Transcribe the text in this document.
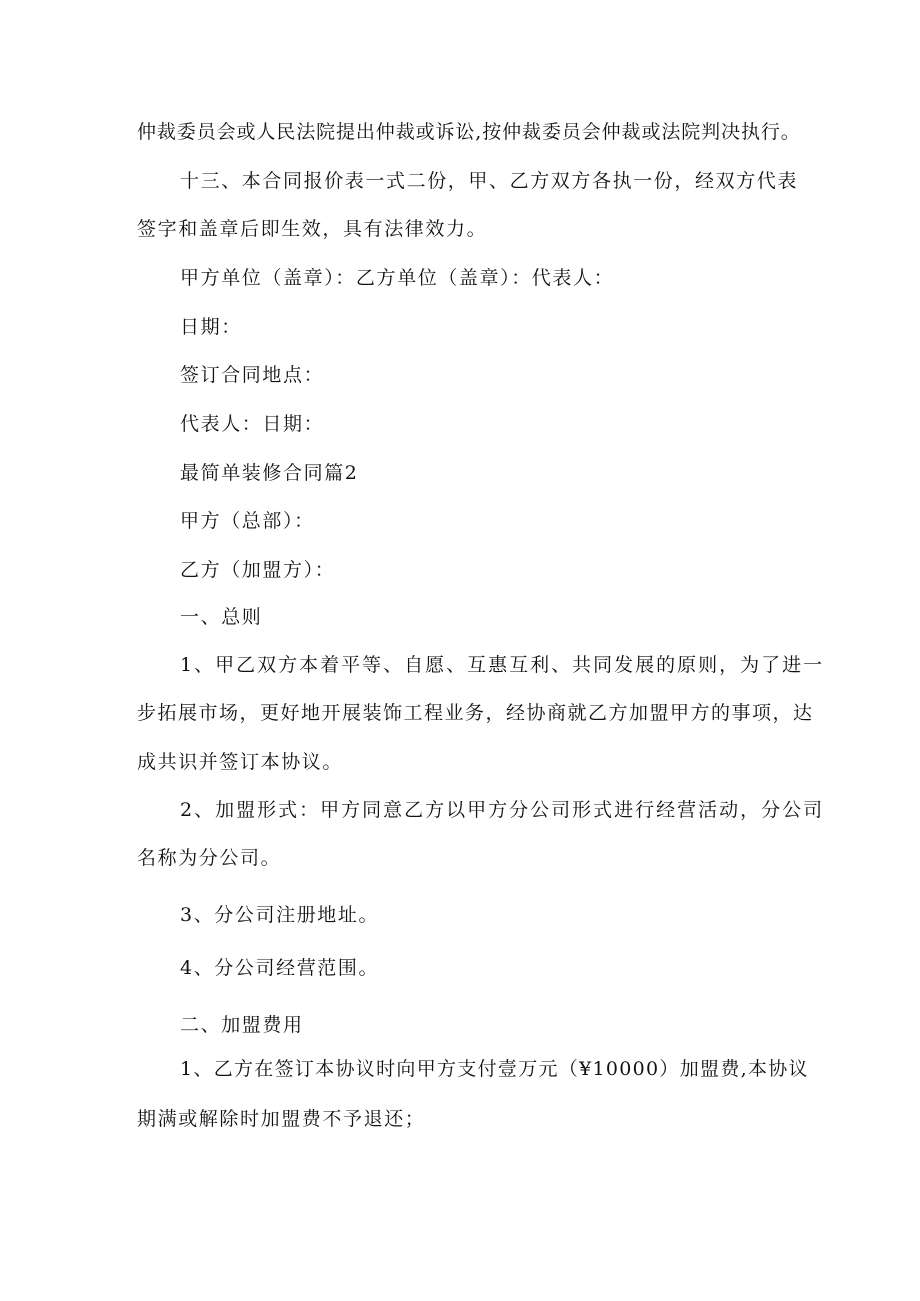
仲裁委员会或人民法院提出仲裁或诉讼,按仲裁委员会仲裁或法院判决执行。
十三、本合同报价表一式二份，甲、乙方双方各执一份，经双方代表
签字和盖章后即生效，具有法律效力。
甲方单位（盖章）：乙方单位（盖章）：代表人：
日期：
签订合同地点：
代表人：日期：
最简单装修合同篇2
甲方（总部）：
乙方（加盟方）：
一、总则
1、甲乙双方本着平等、自愿、互惠互利、共同发展的原则，为了进一
步拓展市场，更好地开展装饰工程业务，经协商就乙方加盟甲方的事项，达
成共识并签订本协议。
2、加盟形式：甲方同意乙方以甲方分公司形式进行经营活动，分公司
名称为分公司。
3、分公司注册地址。
4、分公司经营范围。
二、加盟费用
1、乙方在签订本协议时向甲方支付壹万元（¥10000）加盟费,本协议
期满或解除时加盟费不予退还；
